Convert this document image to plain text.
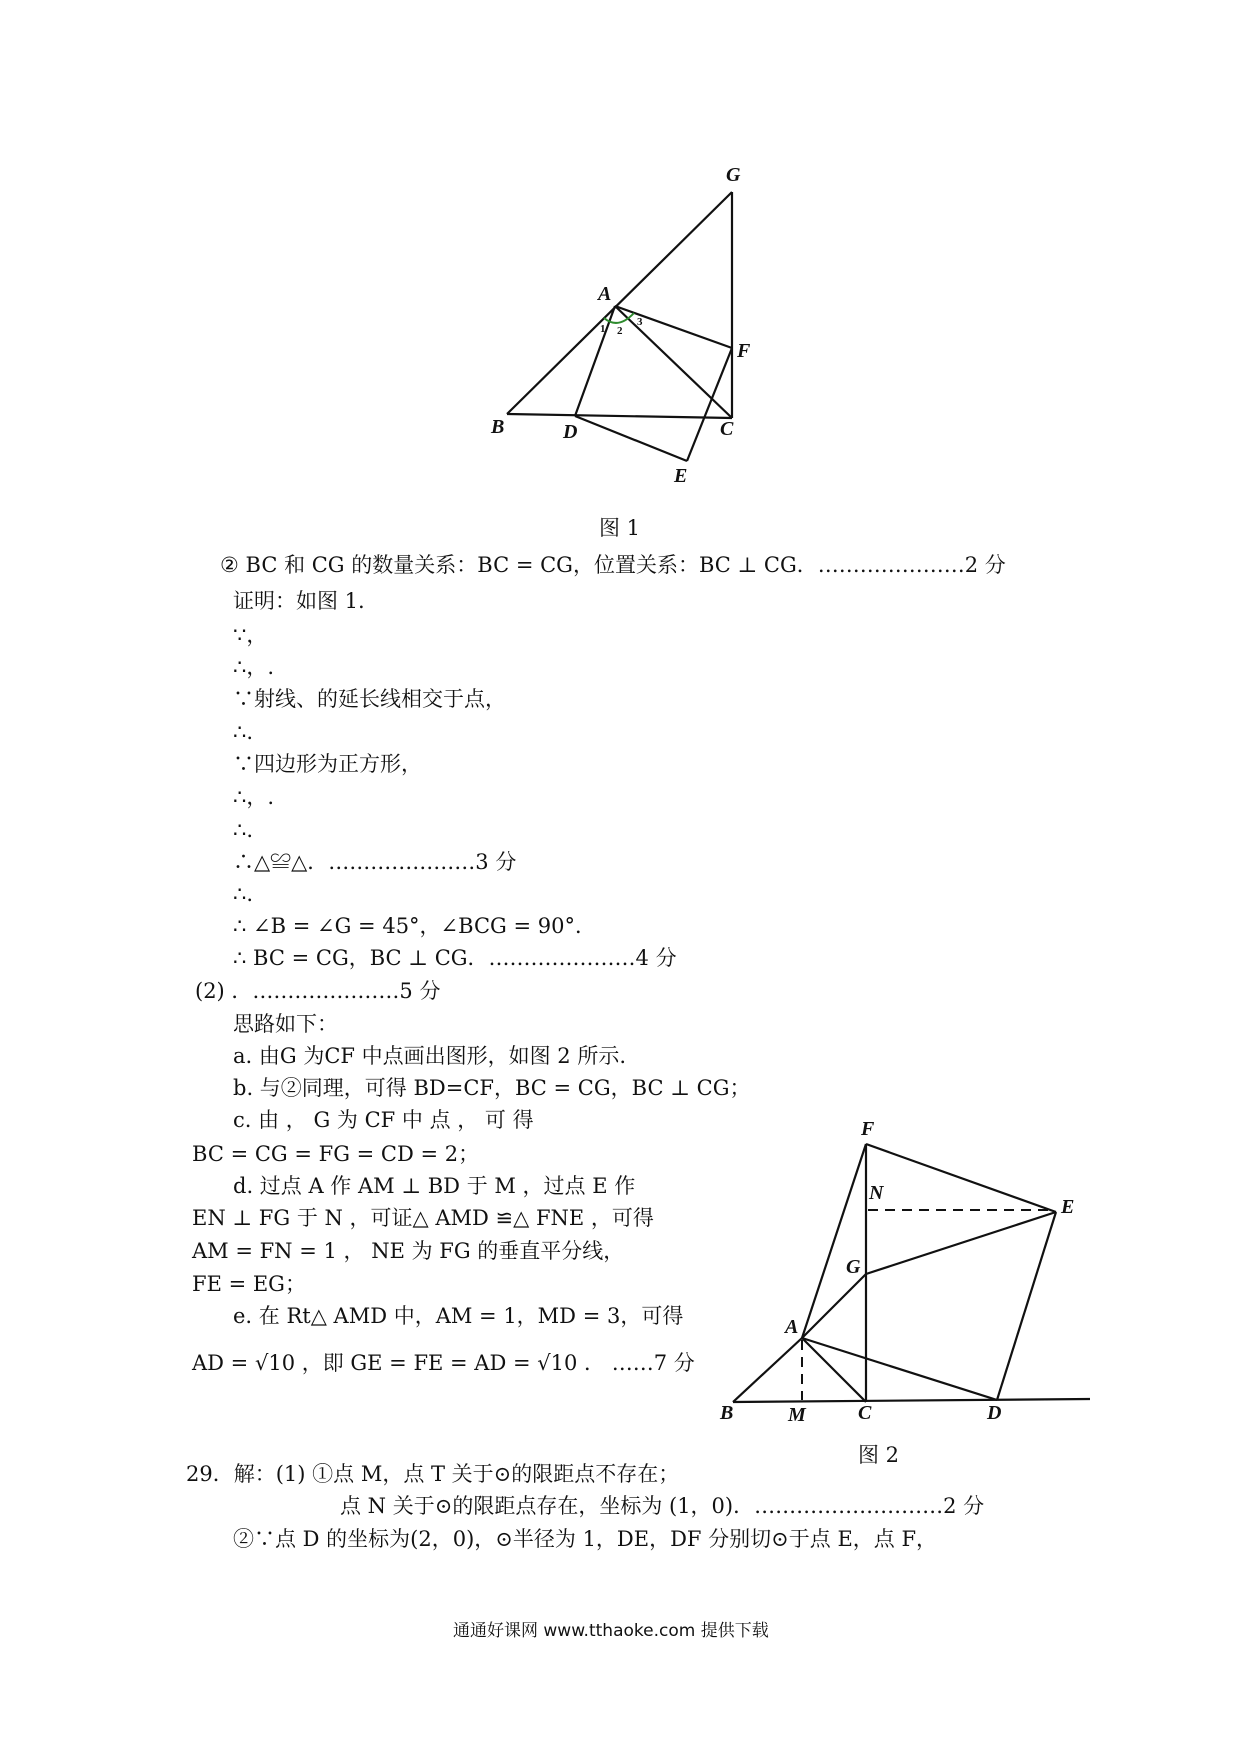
G
A
F
B	D	C
E
1 2
3
图 1
② BC 和 CG 的数量关系：BC = CG，位置关系：BC ⊥ CG．…………………2 分
证明：如图 1.
∵，
∴，.
∵射线、的延长线相交于点，
∴.
∵四边形为正方形，
∴，.
∴.
∴△≌△．…………………3 分
∴.
∴ ∠B = ∠G = 45°，∠BCG = 90°．
∴ BC = CG，BC ⊥ CG．…………………4 分
(2) ．…………………5 分
思路如下：
a. 由G 为CF 中点画出图形，如图 2 所示.
b. 与②同理，可得 BD=CF，BC = CG，BC ⊥ CG；
c. 由 ， G 为 CF 中 点 ， 可 得
BC = CG = FG = CD = 2；
d. 过点 A 作 AM ⊥ BD 于 M ，过点 E 作
EN ⊥ FG 于 N ，可证△ AMD ≌△ FNE ，可得
AM = FN = 1 ， NE 为 FG 的垂直平分线，
FE = EG；
e. 在 Rt△ AMD 中，AM = 1，MD = 3，可得
AD = √10 ，即 GE = FE = AD = √10 ． ……7 分
F
N
E
G
A
B	M	C	D
图 2
29．解：(1) ①点 M，点 T 关于⊙的限距点不存在；
点 N 关于⊙的限距点存在，坐标为 (1，0)．………………………2 分
②∵点 D 的坐标为(2，0)，⊙半径为 1，DE，DF 分别切⊙于点 E，点 F，
通通好课网 www.tthaoke.com 提供下载
